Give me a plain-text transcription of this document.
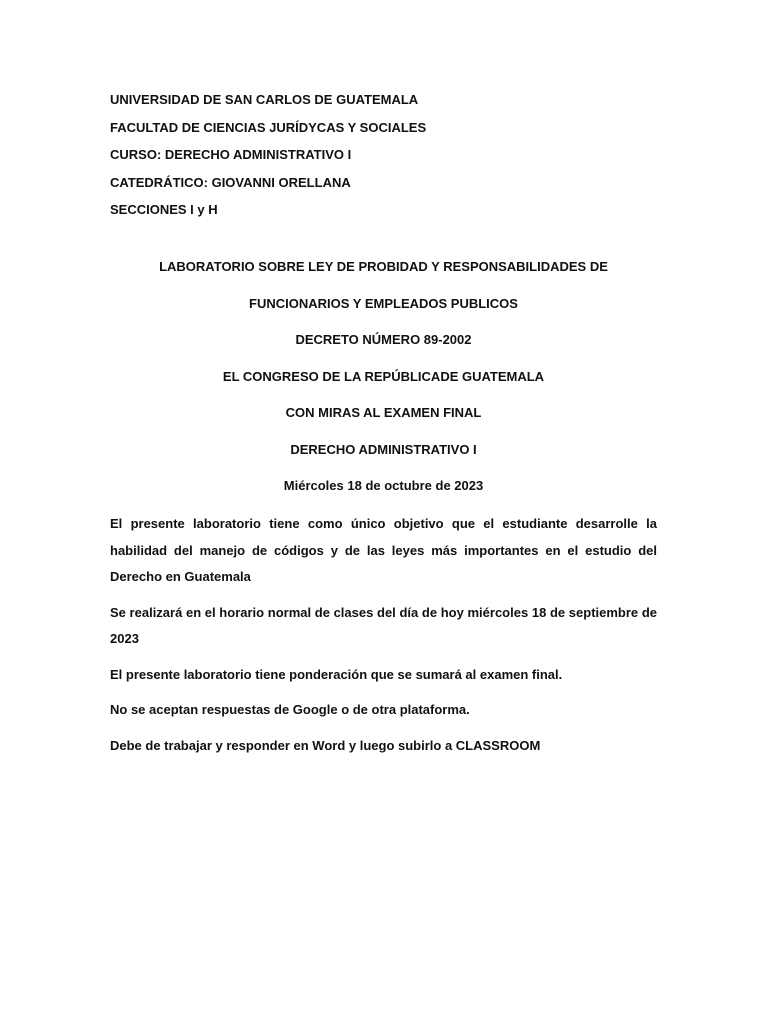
UNIVERSIDAD DE SAN CARLOS DE GUATEMALA
FACULTAD DE CIENCIAS JURÍDYCAS Y SOCIALES
CURSO: DERECHO ADMINISTRATIVO I
CATEDRÁTICO: GIOVANNI ORELLANA
SECCIONES I y H
LABORATORIO SOBRE LEY DE PROBIDAD Y RESPONSABILIDADES DE
FUNCIONARIOS Y EMPLEADOS PUBLICOS
DECRETO NÚMERO 89-2002
EL CONGRESO DE LA REPÚBLICADE GUATEMALA
CON MIRAS AL EXAMEN FINAL
DERECHO ADMINISTRATIVO I
Miércoles 18 de octubre de 2023

El presente laboratorio tiene como único objetivo que el estudiante desarrolle la habilidad del manejo de códigos y de las leyes más importantes en el estudio del Derecho en Guatemala

Se realizará en el horario normal de clases del día de hoy miércoles 18 de septiembre de 2023

El presente laboratorio tiene ponderación que se sumará al examen final.

No se aceptan respuestas de Google o de otra plataforma.

Debe de trabajar y responder en Word y luego subirlo a CLASSROOM
